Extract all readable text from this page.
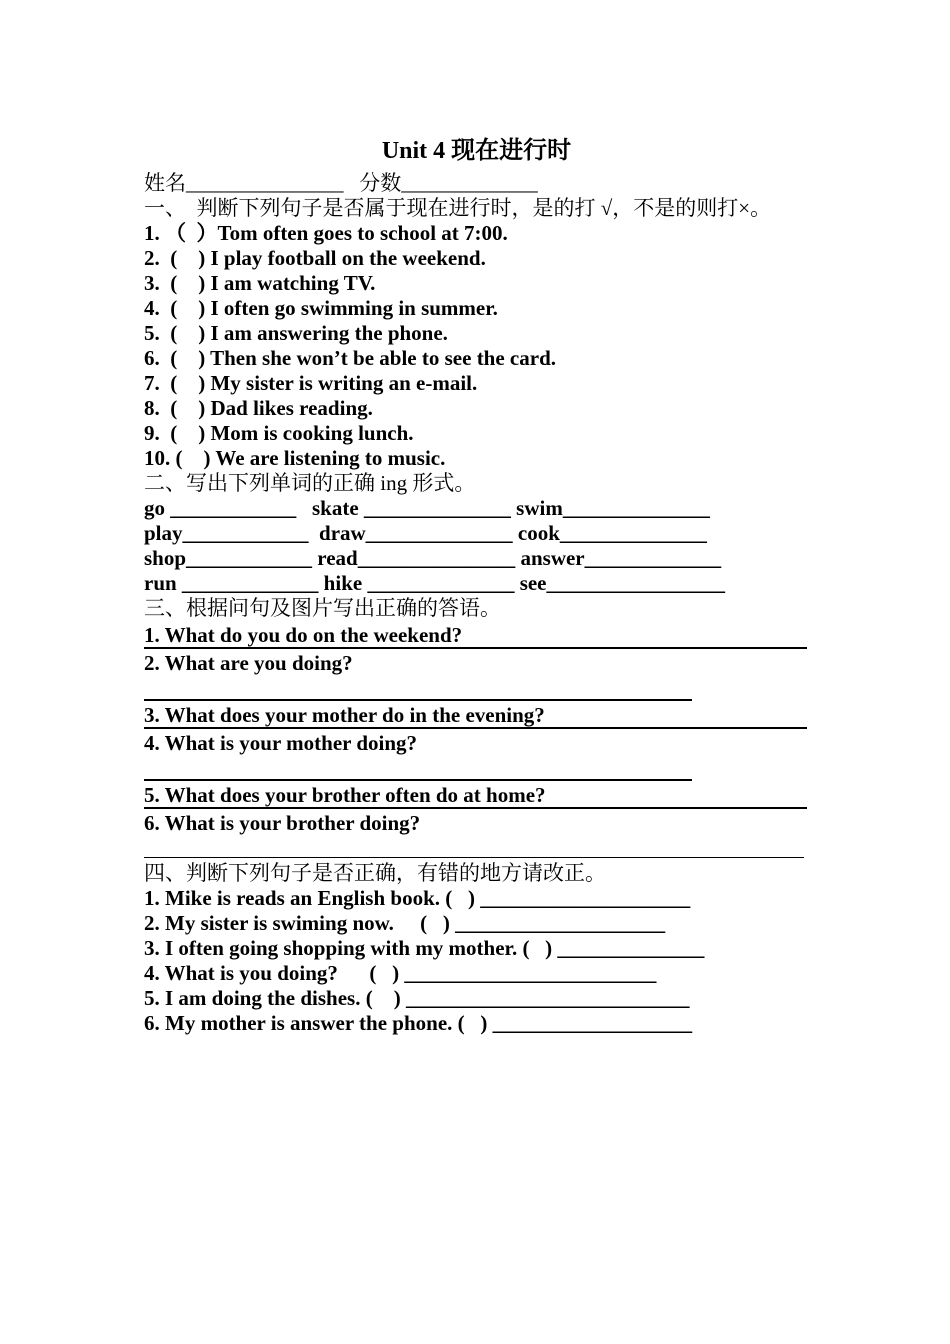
Unit 4 现在进行时
姓名_______________   分数_____________
一、  判断下列句子是否属于现在进行时，是的打 √，不是的则打×。
1. （  ）Tom often goes to school at 7:00.
2.  (    ) I play football on the weekend.
3.  (    ) I am watching TV.
4.  (    ) I often go swimming in summer.
5.  (    ) I am answering the phone.
6.  (    ) Then she won’t be able to see the card.
7.  (    ) My sister is writing an e-mail.
8.  (    ) Dad likes reading.
9.  (    ) Mom is cooking lunch.
10. (    ) We are listening to music.
二、写出下列单词的正确 ing 形式。
go ____________   skate ______________ swim______________
play____________  draw______________ cook______________
shop____________ read_______________ answer_____________
run _____________ hike ______________ see_________________
三、根据问句及图片写出正确的答语。
1. What do you do on the weekend?
2. What are you doing?
3. What does your mother do in the evening?
4. What is your mother doing?
5. What does your brother often do at home?
6. What is your brother doing?
四、判断下列句子是否正确，有错的地方请改正。
1. Mike is reads an English book. (   ) ____________________
2. My sister is swiming now.     (   ) ____________________
3. I often going shopping with my mother. (   ) ______________
4. What is you doing?      (   ) ________________________
5. I am doing the dishes. (    ) ___________________________
6. My mother is answer the phone. (   ) ___________________
